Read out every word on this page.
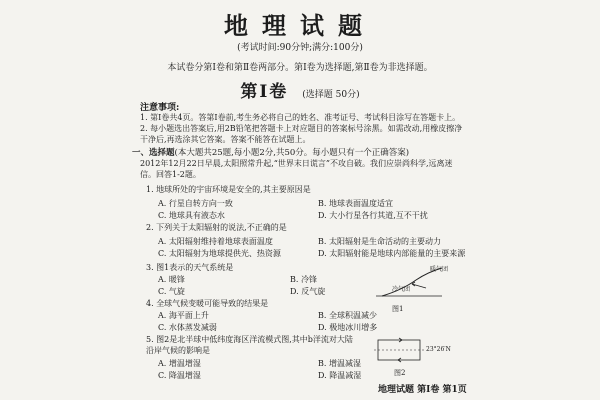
地理试题
(考试时间:90分钟;满分:100分)
本试卷分第Ⅰ卷和第Ⅱ卷两部分。第Ⅰ卷为选择题,第Ⅱ卷为非选择题。
第Ⅰ卷 (选择题 50分)
注意事项:
1. 第Ⅰ卷共4页。答第Ⅰ卷前,考生务必将自己的姓名、准考证号、考试科目涂写在答题卡上。
2. 每小题选出答案后,用2B铅笔把答题卡上对应题目的答案标号涂黑。如需改动,用橡皮擦净干净后,再选涂其它答案。答案不能答在试题上。
一、选择题(本大题共25题,每小题2分,共50分。每小题只有一个正确答案)
2012年12月22日早晨,太阳照常升起,“世界末日谎言”不攻自破。我们应崇尚科学,远离迷信。回答1-2题。
1. 地球所处的宇宙环境是安全的,其主要原因是
A. 行星自转方向一致	B. 地球表面温度适宜
C. 地球具有液态水	D. 大小行星各行其道,互不干扰
2. 下列关于太阳辐射的说法,不正确的是
A. 太阳辐射维持着地球表面温度	B. 太阳辐射是生命活动的主要动力
C. 太阳辐射为地球提供光、热资源	D. 太阳辐射能是地球内部能量的主要来源
3. 图1表示的天气系统是
A. 暖锋	B. 冷锋
C. 气旋	D. 反气旋
暖气团
冷气团
图1
4. 全球气候变暖可能导致的结果是
A. 海平面上升	B. 全球积温减少
C. 水体蒸发减弱	D. 极地冰川增多
5. 图2是北半球中低纬度海区洋流模式图,其中b洋流对大陆沿岸气候的影响是
A. 增温增湿	B. 增温减湿
C. 降温增湿	D. 降温减湿
23°26′N
图2
地理试题 第Ⅰ卷 第1页
